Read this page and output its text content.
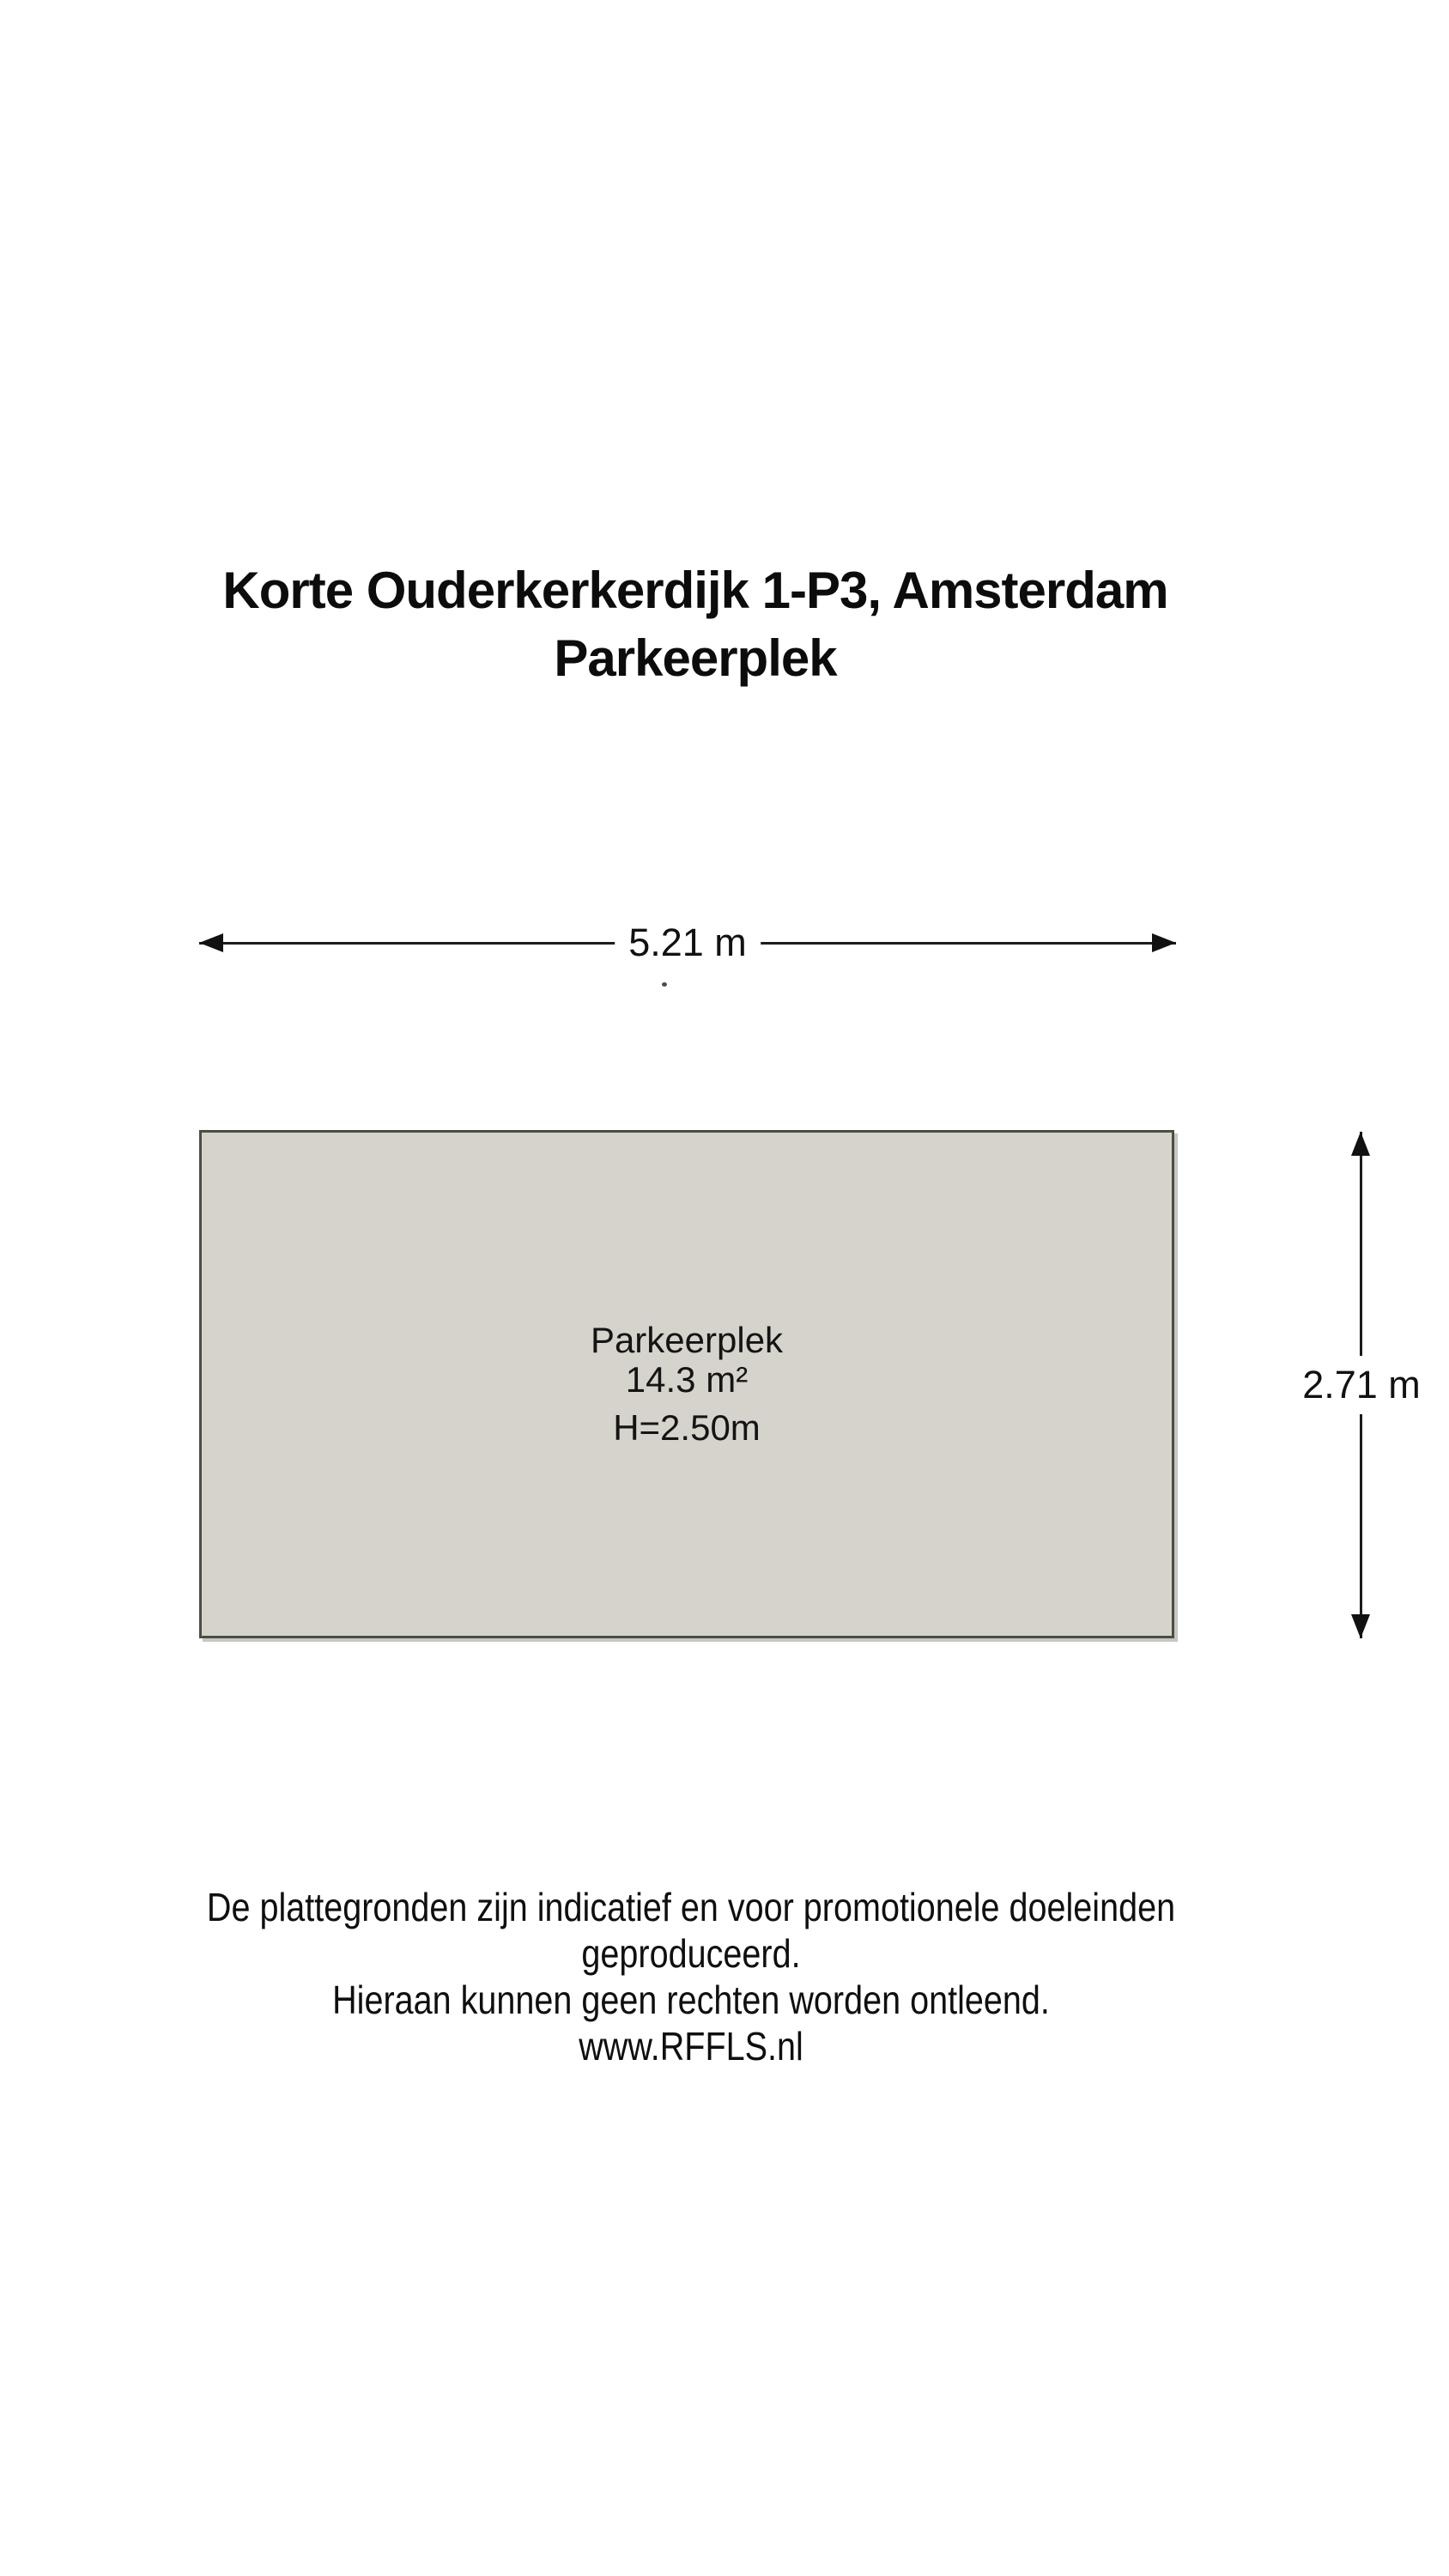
Korte Ouderkerkerdijk 1-P3, Amsterdam
Parkeerplek
5.21 m
Parkeerplek
14.3 m²
H=2.50m
2.71 m
De plattegronden zijn indicatief en voor promotionele doeleinden geproduceerd.
Hieraan kunnen geen rechten worden ontleend.
www.RFFLS.nl
